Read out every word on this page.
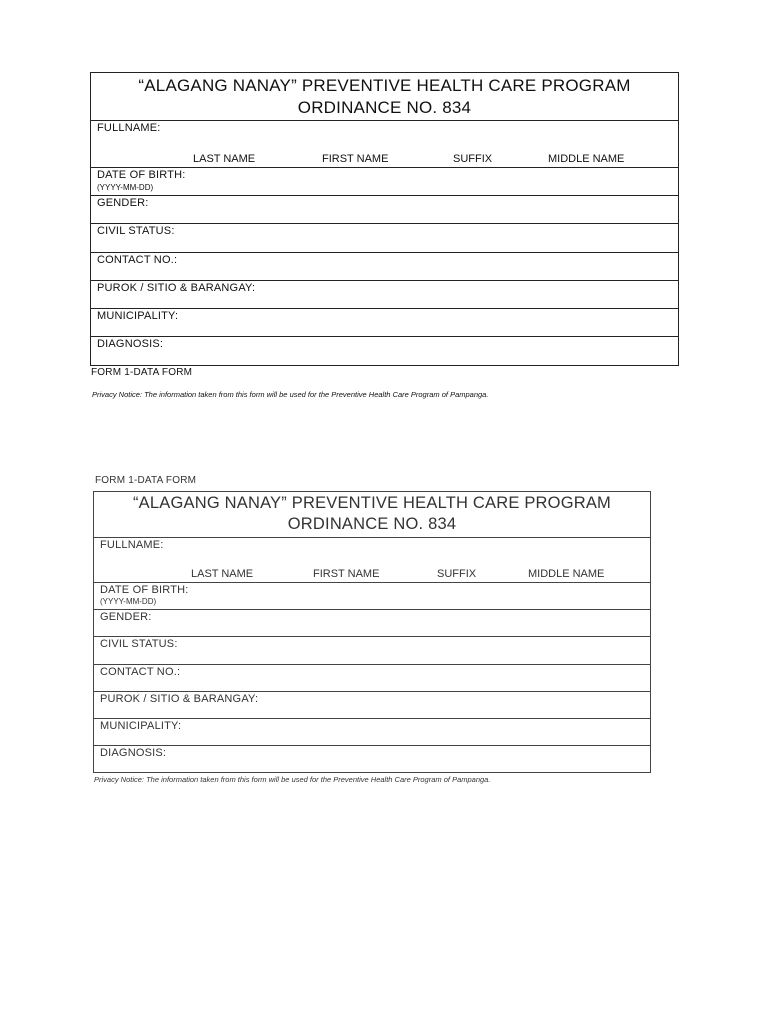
“ALAGANG NANAY” PREVENTIVE HEALTH CARE PROGRAM
ORDINANCE NO. 834
FULLNAME:
LAST NAME	FIRST NAME	SUFFIX	MIDDLE NAME
DATE OF BIRTH:
(YYYY-MM-DD)
GENDER:
CIVIL STATUS:
CONTACT NO.:
PUROK / SITIO & BARANGAY:
MUNICIPALITY:
DIAGNOSIS:
FORM 1-DATA FORM
Privacy Notice: The information taken from this form will be used for the Preventive Health Care Program of Pampanga.
FORM 1-DATA FORM
“ALAGANG NANAY” PREVENTIVE HEALTH CARE PROGRAM
ORDINANCE NO. 834
FULLNAME:
LAST NAME	FIRST NAME	SUFFIX	MIDDLE NAME
DATE OF BIRTH:
(YYYY-MM-DD)
GENDER:
CIVIL STATUS:
CONTACT NO.:
PUROK / SITIO & BARANGAY:
MUNICIPALITY:
DIAGNOSIS:
Privacy Notice: The information taken from this form will be used for the Preventive Health Care Program of Pampanga.
